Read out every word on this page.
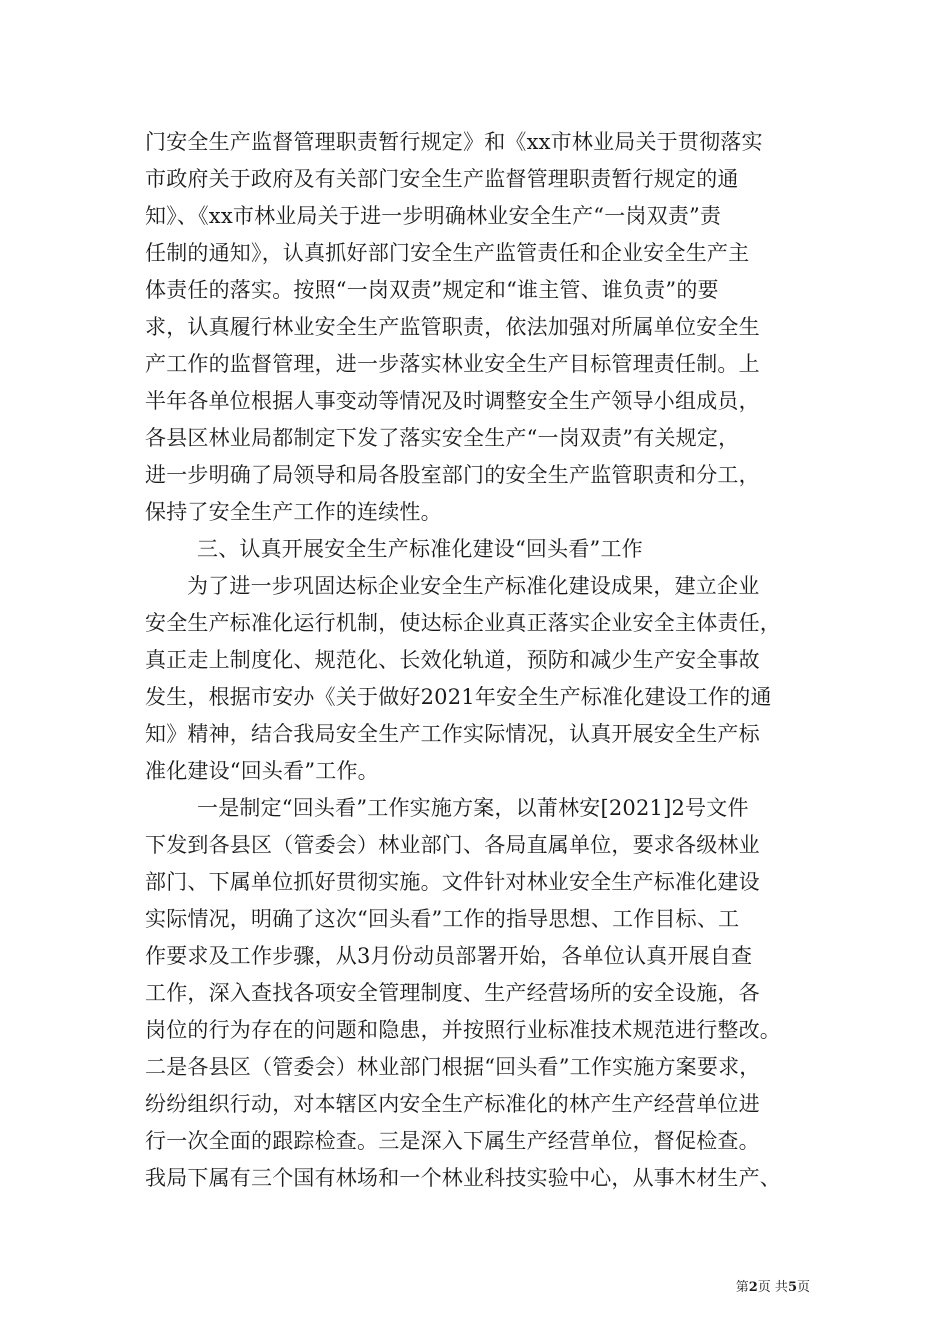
门安全生产监督管理职责暂行规定》和《xx市林业局关于贯彻落实
市政府关于政府及有关部门安全生产监督管理职责暂行规定的通
知》、《xx市林业局关于进一步明确林业安全生产“一岗双责”责
任制的通知》，认真抓好部门安全生产监管责任和企业安全生产主
体责任的落实。按照“一岗双责”规定和“谁主管、谁负责”的要
求，认真履行林业安全生产监管职责，依法加强对所属单位安全生
产工作的监督管理，进一步落实林业安全生产目标管理责任制。上
半年各单位根据人事变动等情况及时调整安全生产领导小组成员，
各县区林业局都制定下发了落实安全生产“一岗双责”有关规定，
进一步明确了局领导和局各股室部门的安全生产监管职责和分工，
保持了安全生产工作的连续性。
三、认真开展安全生产标准化建设“回头看”工作
为了进一步巩固达标企业安全生产标准化建设成果，建立企业
安全生产标准化运行机制，使达标企业真正落实企业安全主体责任，
真正走上制度化、规范化、长效化轨道，预防和减少生产安全事故
发生，根据市安办《关于做好2021年安全生产标准化建设工作的通
知》精神，结合我局安全生产工作实际情况，认真开展安全生产标
准化建设“回头看”工作。
一是制定“回头看”工作实施方案，以莆林安[2021]2号文件
下发到各县区（管委会）林业部门、各局直属单位，要求各级林业
部门、下属单位抓好贯彻实施。文件针对林业安全生产标准化建设
实际情况，明确了这次“回头看”工作的指导思想、工作目标、工
作要求及工作步骤，从3月份动员部署开始，各单位认真开展自查
工作，深入查找各项安全管理制度、生产经营场所的安全设施，各
岗位的行为存在的问题和隐患，并按照行业标准技术规范进行整改。
二是各县区（管委会）林业部门根据“回头看”工作实施方案要求，
纷纷组织行动，对本辖区内安全生产标准化的林产生产经营单位进
行一次全面的跟踪检查。三是深入下属生产经营单位，督促检查。
我局下属有三个国有林场和一个林业科技实验中心，从事木材生产、
第2页 共5页
